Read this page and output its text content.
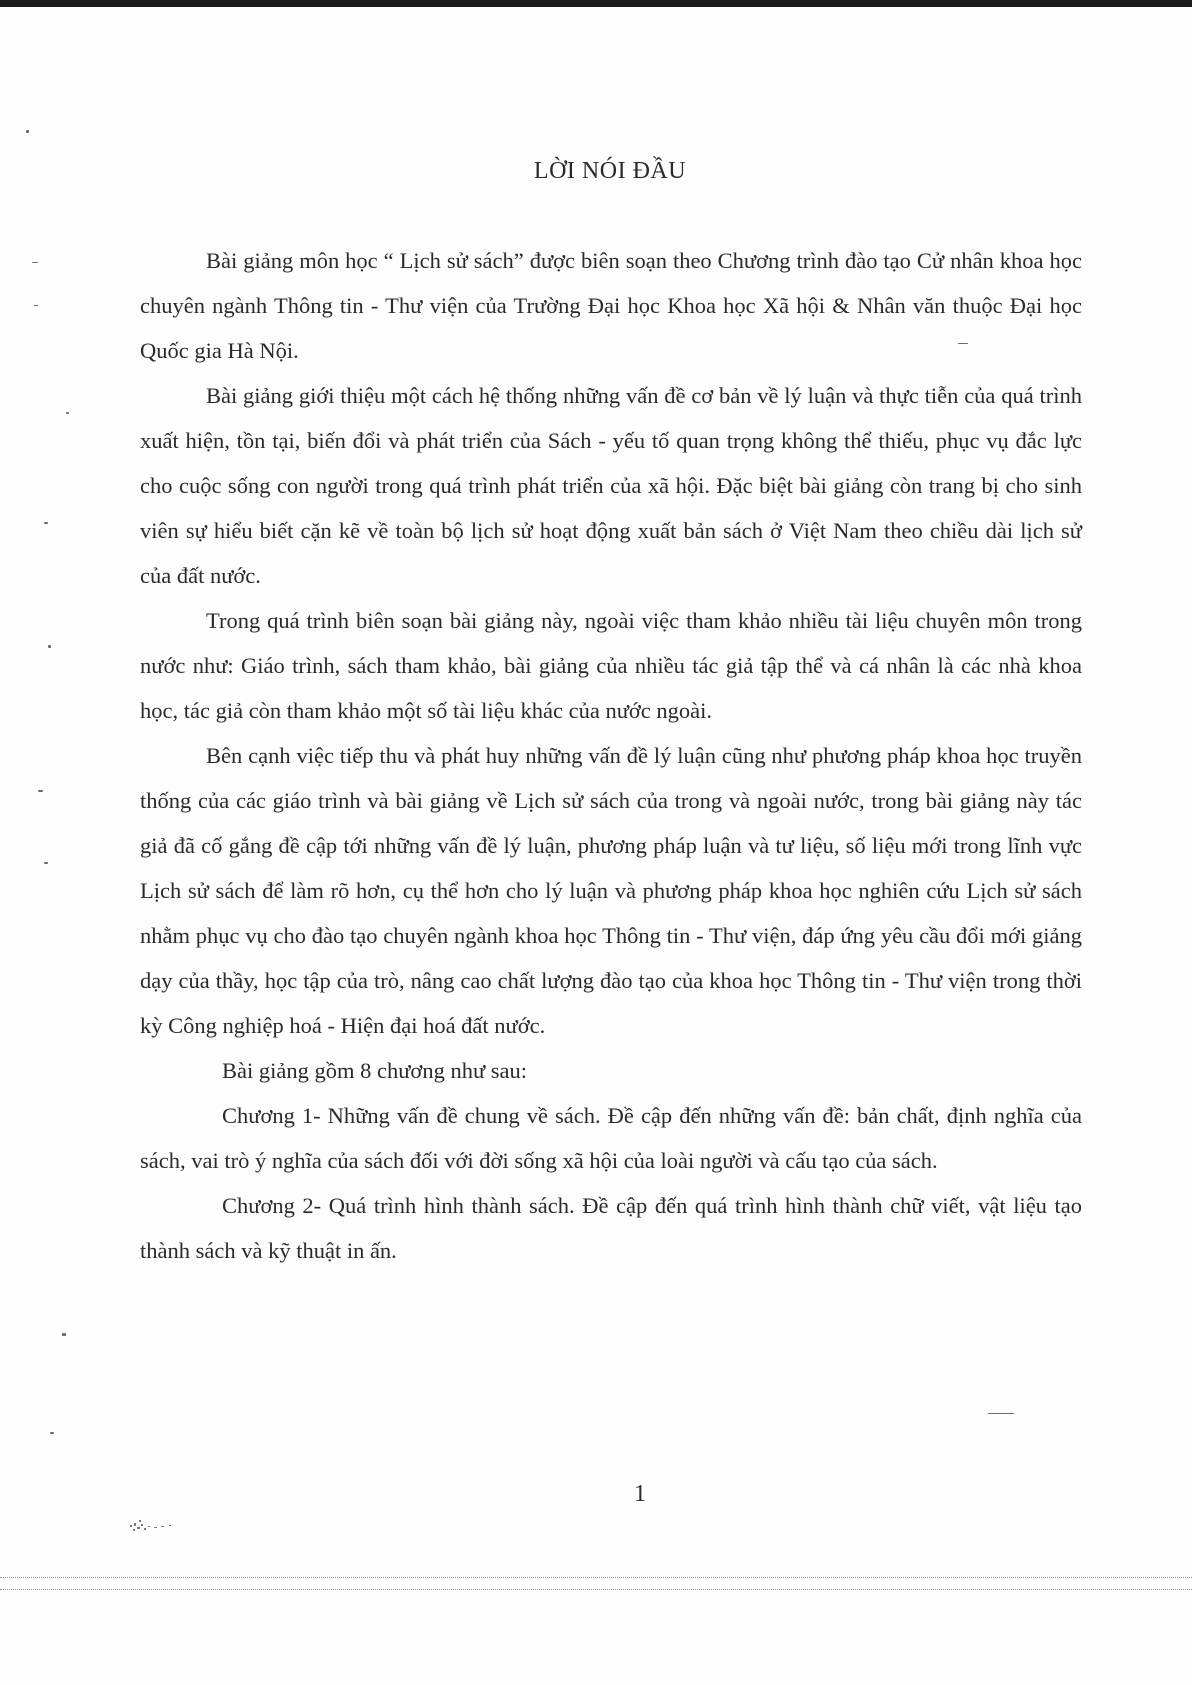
LỜI NÓI ĐẦU

Bài giảng môn học “ Lịch sử sách” được biên soạn theo Chương trình đào tạo Cử nhân khoa học chuyên ngành Thông tin - Thư viện của Trường Đại học Khoa học Xã hội & Nhân văn thuộc Đại học Quốc gia Hà Nội.

Bài giảng giới thiệu một cách hệ thống những vấn đề cơ bản về lý luận và thực tiễn của quá trình xuất hiện, tồn tại, biến đổi và phát triển của Sách - yếu tố quan trọng không thể thiếu, phục vụ đắc lực cho cuộc sống con người trong quá trình phát triển của xã hội. Đặc biệt bài giảng còn trang bị cho sinh viên sự hiểu biết cặn kẽ về toàn bộ lịch sử hoạt động xuất bản sách ở Việt Nam theo chiều dài lịch sử của đất nước.

Trong quá trình biên soạn bài giảng này, ngoài việc tham khảo nhiều tài liệu chuyên môn trong nước như: Giáo trình, sách tham khảo, bài giảng của nhiều tác giả tập thể và cá nhân là các nhà khoa học, tác giả còn tham khảo một số tài liệu khác của nước ngoài.

Bên cạnh việc tiếp thu và phát huy những vấn đề lý luận cũng như phương pháp khoa học truyền thống của các giáo trình và bài giảng về Lịch sử sách của trong và ngoài nước, trong bài giảng này tác giả đã cố gắng đề cập tới những vấn đề lý luận, phương pháp luận và tư liệu, số liệu mới trong lĩnh vực Lịch sử sách để làm rõ hơn, cụ thể hơn cho lý luận và phương pháp khoa học nghiên cứu Lịch sử sách nhằm phục vụ cho đào tạo chuyên ngành khoa học Thông tin - Thư viện, đáp ứng yêu cầu đổi mới giảng dạy của thầy, học tập của trò, nâng cao chất lượng đào tạo của khoa học Thông tin - Thư viện trong thời kỳ Công nghiệp hoá - Hiện đại hoá đất nước.

Bài giảng gồm 8 chương như sau:

Chương 1- Những vấn đề chung về sách. Đề cập đến những vấn đề: bản chất, định nghĩa của sách, vai trò ý nghĩa của sách đối với đời sống xã hội của loài người và cấu tạo của sách.

Chương 2- Quá trình hình thành sách. Đề cập đến quá trình hình thành chữ viết, vật liệu tạo thành sách và kỹ thuật in ấn.

1
